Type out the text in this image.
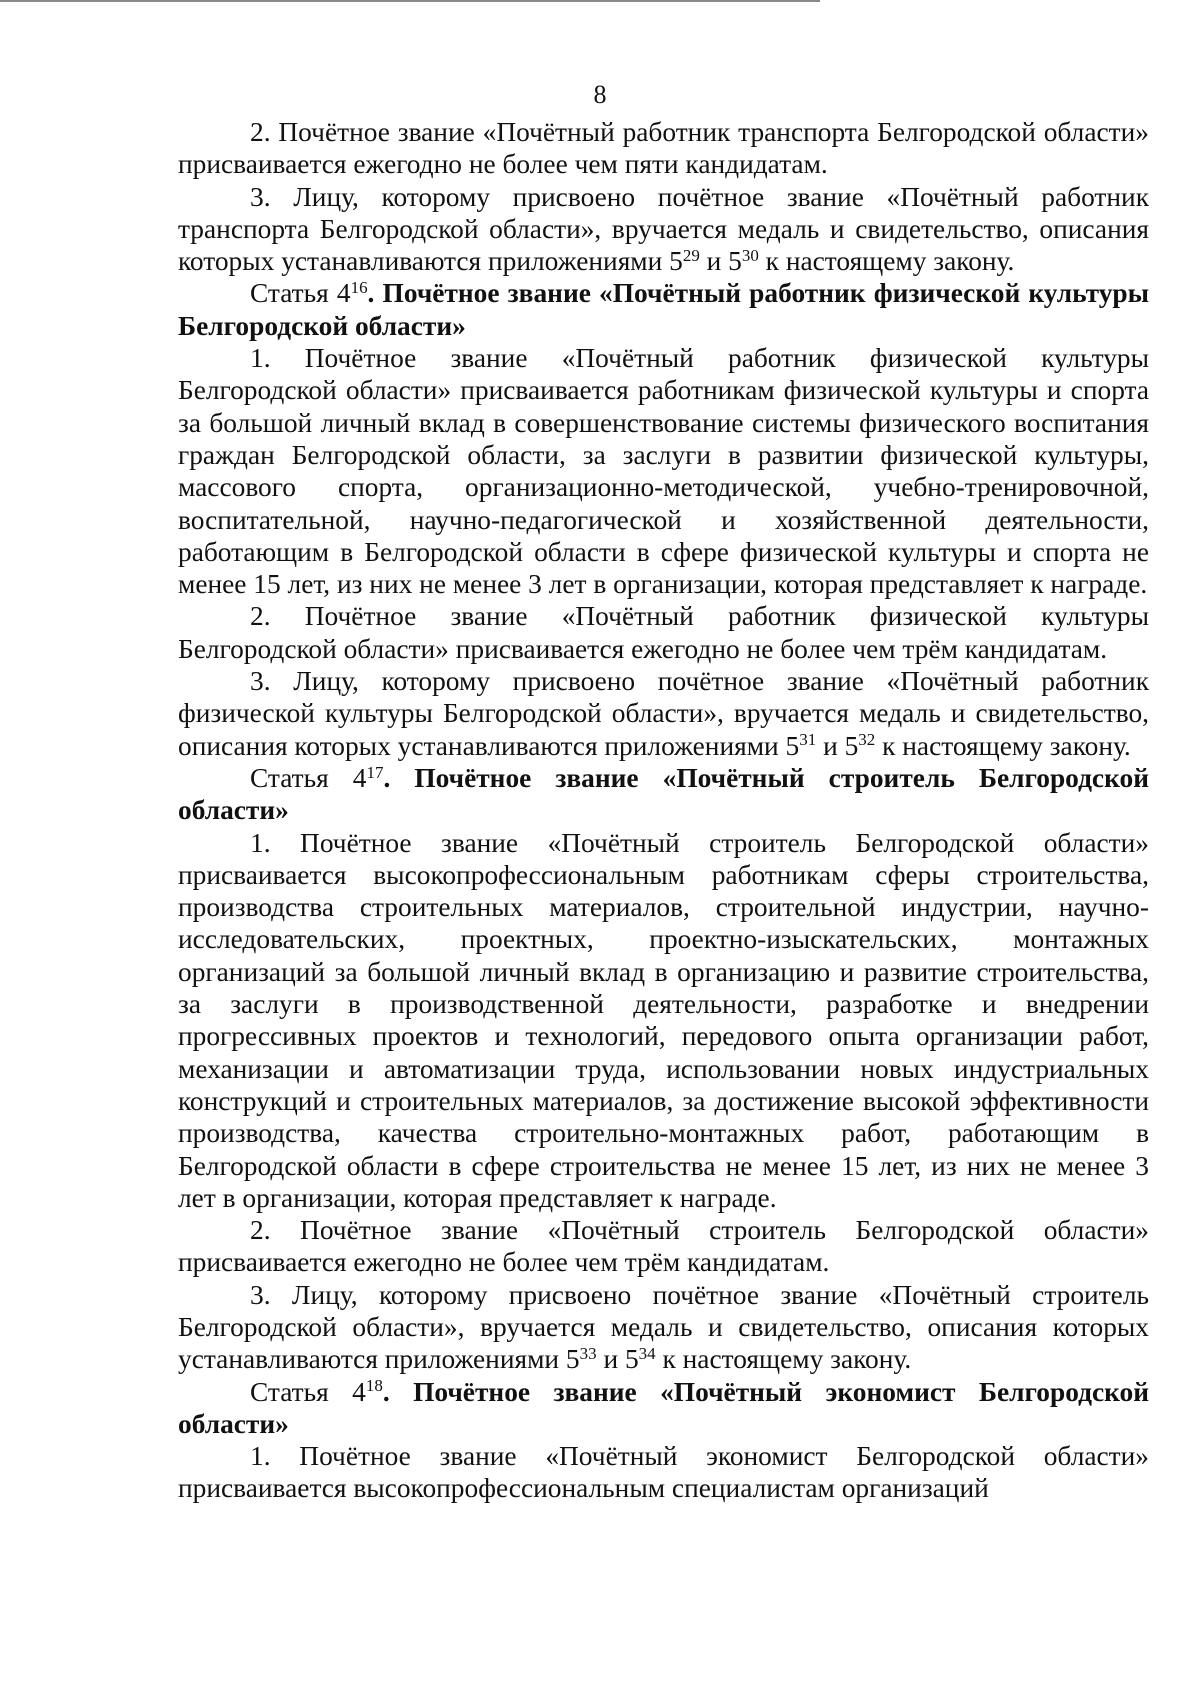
8

2. Почётное звание «Почётный работник транспорта Белгородской области» присваивается ежегодно не более чем пяти кандидатам.

3. Лицу, которому присвоено почётное звание «Почётный работник транспорта Белгородской области», вручается медаль и свидетельство, описания которых устанавливаются приложениями $5^{29}$ и $5^{30}$ к настоящему закону.

Статья $4^{16}$. Почётное звание «Почётный работник физической культуры Белгородской области»

1. Почётное звание «Почётный работник физической культуры Белгородской области» присваивается работникам физической культуры и спорта за большой личный вклад в совершенствование системы физического воспитания граждан Белгородской области, за заслуги в развитии физической культуры, массового спорта, организационно-методической, учебно-тренировочной, воспитательной, научно-педагогической и хозяйственной деятельности, работающим в Белгородской области в сфере физической культуры и спорта не менее 15 лет, из них не менее 3 лет в организации, которая представляет к награде.

2. Почётное звание «Почётный работник физической культуры Белгородской области» присваивается ежегодно не более чем трём кандидатам.

3. Лицу, которому присвоено почётное звание «Почётный работник физической культуры Белгородской области», вручается медаль и свидетельство, описания которых устанавливаются приложениями $5^{31}$ и $5^{32}$ к настоящему закону.

Статья $4^{17}$. Почётное звание «Почётный строитель Белгородской области»

1. Почётное звание «Почётный строитель Белгородской области» присваивается высокопрофессиональным работникам сферы строительства, производства строительных материалов, строительной индустрии, научно-исследовательских, проектных, проектно-изыскательских, монтажных организаций за большой личный вклад в организацию и развитие строительства, за заслуги в производственной деятельности, разработке и внедрении прогрессивных проектов и технологий, передового опыта организации работ, механизации и автоматизации труда, использовании новых индустриальных конструкций и строительных материалов, за достижение высокой эффективности производства, качества строительно-монтажных работ, работающим в Белгородской области в сфере строительства не менее 15 лет, из них не менее 3 лет в организации, которая представляет к награде.

2. Почётное звание «Почётный строитель Белгородской области» присваивается ежегодно не более чем трём кандидатам.

3. Лицу, которому присвоено почётное звание «Почётный строитель Белгородской области», вручается медаль и свидетельство, описания которых устанавливаются приложениями $5^{33}$ и $5^{34}$ к настоящему закону.

Статья $4^{18}$. Почётное звание «Почётный экономист Белгородской области»

1. Почётное звание «Почётный экономист Белгородской области» присваивается высокопрофессиональным специалистам организаций
